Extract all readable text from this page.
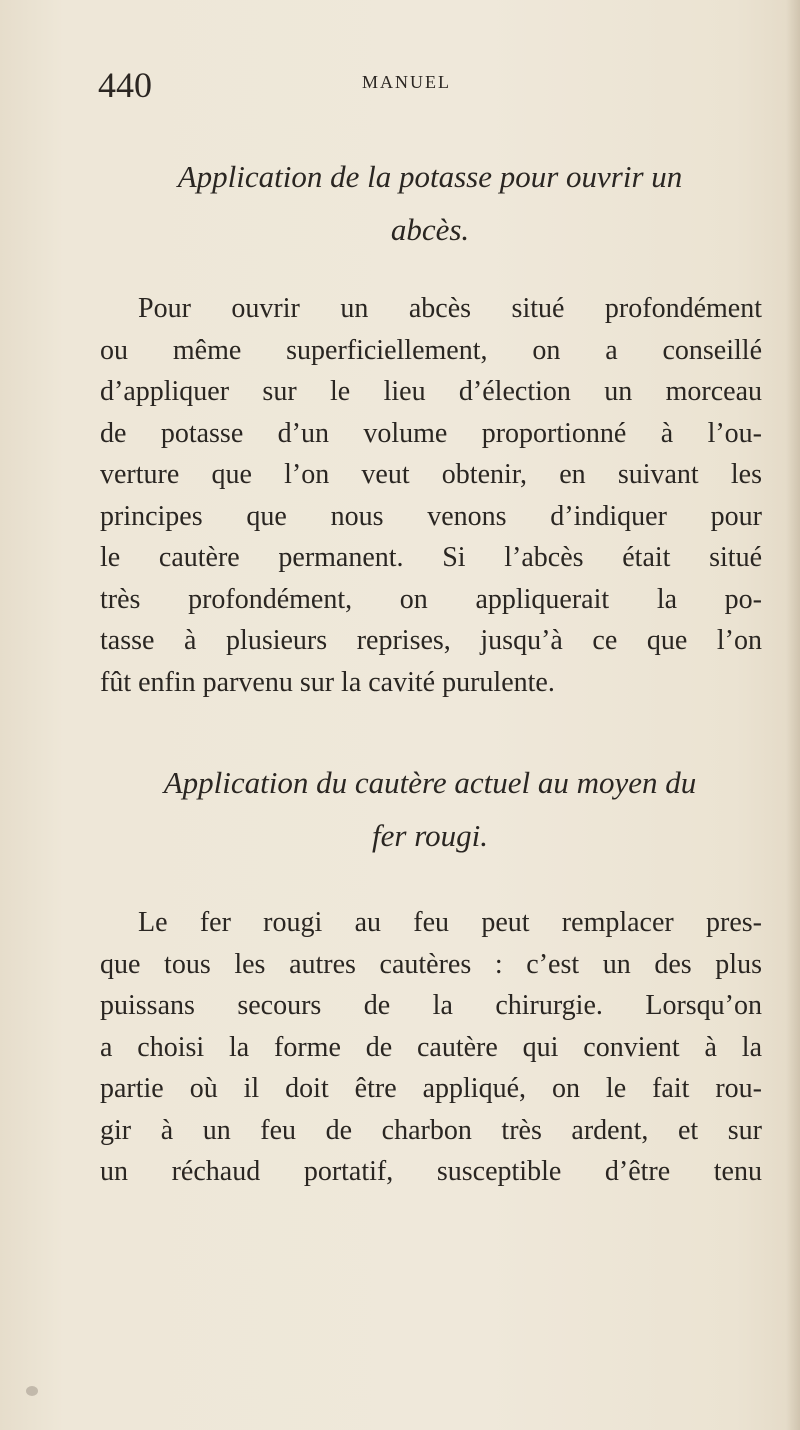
440	MANUEL
Application de la potasse pour ouvrir un
abcès.
Pour ouvrir un abcès situé profondément
ou même superficiellement, on a conseillé
d’appliquer sur le lieu d’élection un morceau
de potasse d’un volume proportionné à l’ou-
verture que l’on veut obtenir, en suivant les
principes que nous venons d’indiquer pour
le cautère permanent. Si l’abcès était situé
très profondément, on appliquerait la po-
tasse à plusieurs reprises, jusqu’à ce que l’on
fût enfin parvenu sur la cavité purulente.
Application du cautère actuel au moyen du
fer rougi.
Le fer rougi au feu peut remplacer pres-
que tous les autres cautères : c’est un des plus
puissans secours de la chirurgie. Lorsqu’on
a choisi la forme de cautère qui convient à la
partie où il doit être appliqué, on le fait rou-
gir à un feu de charbon très ardent, et sur
un réchaud portatif, susceptible d’être tenu
